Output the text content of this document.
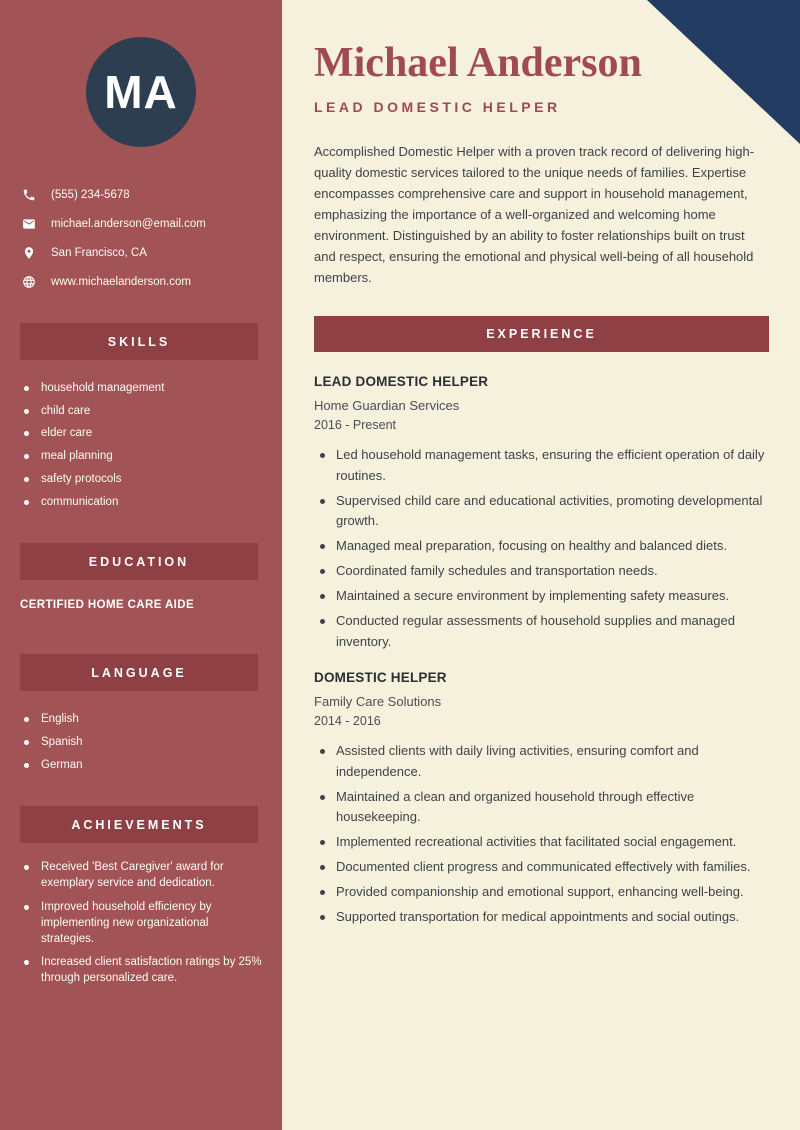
MA
(555) 234-5678
michael.anderson@email.com
San Francisco, CA
www.michaelanderson.com
SKILLS
household management
child care
elder care
meal planning
safety protocols
communication
EDUCATION
CERTIFIED HOME CARE AIDE
LANGUAGE
English
Spanish
German
ACHIEVEMENTS
Received 'Best Caregiver' award for exemplary service and dedication.
Improved household efficiency by implementing new organizational strategies.
Increased client satisfaction ratings by 25% through personalized care.
Michael Anderson
LEAD DOMESTIC HELPER

Accomplished Domestic Helper with a proven track record of delivering high-quality domestic services tailored to the unique needs of families. Expertise encompasses comprehensive care and support in household management, emphasizing the importance of a well-organized and welcoming home environment. Distinguished by an ability to foster relationships built on trust and respect, ensuring the emotional and physical well-being of all household members.

EXPERIENCE
LEAD DOMESTIC HELPER
Home Guardian Services
2016 - Present
Led household management tasks, ensuring the efficient operation of daily routines.
Supervised child care and educational activities, promoting developmental growth.
Managed meal preparation, focusing on healthy and balanced diets.
Coordinated family schedules and transportation needs.
Maintained a secure environment by implementing safety measures.
Conducted regular assessments of household supplies and managed inventory.
DOMESTIC HELPER
Family Care Solutions
2014 - 2016
Assisted clients with daily living activities, ensuring comfort and independence.
Maintained a clean and organized household through effective housekeeping.
Implemented recreational activities that facilitated social engagement.
Documented client progress and communicated effectively with families.
Provided companionship and emotional support, enhancing well-being.
Supported transportation for medical appointments and social outings.
